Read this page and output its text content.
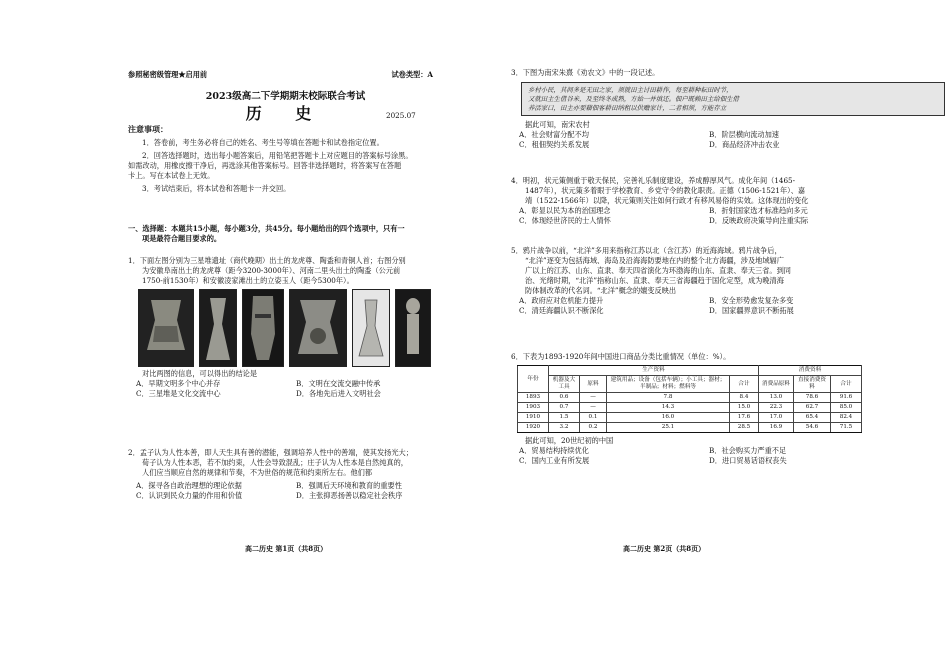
参照秘密级管理★启用前	试卷类型：A
2023级高二下学期期末校际联合考试
历 史	2025.07
注意事项：
1．答卷前，考生务必将自己的姓名、考生号等填在答题卡和试卷指定位置。
2．回答选择题时，选出每小题答案后，用铅笔把答题卡上对应题目的答案标号涂黑。
如需改动，用橡皮擦干净后，再选涂其他答案标号。回答非选择题时，将答案写在答题
卡上。写在本试卷上无效。
3．考试结束后，将本试卷和答题卡一并交回。
一、选择题：本题共15小题，每小题3分，共45分。每小题给出的四个选项中，只有一
项是最符合题目要求的。
1．下面左图分别为三星堆遗址（商代晚期）出土的龙虎尊、陶盉和青铜人首；右图分别
为安徽阜南出土的龙虎尊（距今3200-3000年）、河南二里头出土的陶盉（公元前
1750-前1530年）和安徽凌家滩出土的立姿玉人（距今5300年）。
对比两图的信息，可以得出的结论是
A．早期文明多个中心并存	B．文明在交流交融中传承
C．三星堆是文化交流中心	D．各地先后进入文明社会
2．孟子认为人性本善，即人天生具有善的潜能，强调培养人性中的善端，使其发扬光大；
荀子认为人性本恶，若不加约束，人性会导致混乱；庄子认为人性本是自然纯真的，
人们应当顺应自然的规律和节奏，不为世俗的规范和约束所左右。他们都
A．探寻各自政治理想的理论依据	B．强调后天环境和教育的重要性
C．认识到民众力量的作用和价值	D．主张抑恶扬善以稳定社会秩序
高二历史 第1页（共8页）
3．下图为南宋朱熹《劝农文》中的一段记述。
乡村小民，其间多是无田之家，须就田主讨田耕作，每至耕种耘田时节，
又就田主生借谷米，及至终冬成熟，方始一并填还。佃户既赖田主给佃生借
养活家口，田主亦要藉佃客耕田纳租以供赡家计，二者相须，方能存立
据此可知，南宋农村
A．社会财富分配不均	B．阶层横向流动加速
C．租佃契约关系发展	D．商品经济冲击农业
4．明初，状元策侧重于敬天保民，完善礼乐制度建设，养成醇厚风气。成化年间（1465-
1487年），状元策多着眼于学校教育、乡党守令的教化职责。正德（1506-1521年）、嘉
靖（1522-1566年）以降，状元策则关注如何行政才有移风易俗的实效。这体现出的变化
A．彰显以民为本的治国理念	B．折射国家选才标准趋向多元
C．体现经世济民的士人情怀	D．反映政府决策导向注重实际
5．鸦片战争以前，“北洋”多用来指称江苏以北（含江苏）的近海海域。鸦片战争后，
“北洋”逐变为包括海域、海岛及沿海海防要地在内的整个北方海疆，涉及地域辐广
广以上的江苏、山东、直隶、奉天四省演化为环渤海的山东、直隶、奉天三省。到同
治、光绪时期，“北洋”指称山东、直隶、奉天三省海疆趋于国化定型，成为晚清海
防体制改革的代名词。“北洋”概念的嬗变反映出
A．政府应对危机能力提升	B．安全形势愈发复杂多变
C．清廷海疆认识不断深化	D．国家疆界意识不断拓展
6．下表为1893-1920年间中国进口商品分类比重情况（单位：%）。
年份	生产资料				消费资料		
	机器及大工具	原料	建筑用品；设备（包括车辆）；小工具；器材；半制品；材料；燃料等	合计	消费品原料	直接消费资料	合计
1893	0.6	—	7.8	8.4	13.0	78.6	91.6
1903	0.7	—	14.3	15.0	22.3	62.7	85.0
1910	1.5	0.1	16.0	17.6	17.0	65.4	82.4
1920	3.2	0.2	25.1	28.5	16.9	54.6	71.5
据此可知，20世纪初的中国
A．贸易结构持续优化	B．社会购买力严重不足
C．国内工业有所发展	D．进口贸易话语权丧失
高二历史 第2页（共8页）
